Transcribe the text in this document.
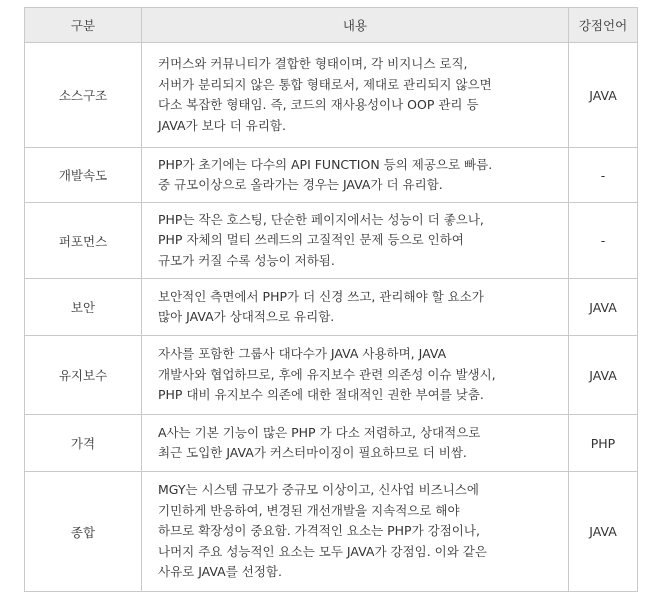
구분	내용	강점언어
소스구조	커머스와 커뮤니티가 결합한 형태이며, 각 비지니스 로직,
서버가 분리되지 않은 통합 형태로서, 제대로 관리되지 않으면
다소 복잡한 형태임. 즉, 코드의 재사용성이나 OOP 관리 등
JAVA가 보다 더 유리함.	JAVA
개발속도	PHP가 초기에는 다수의 API FUNCTION 등의 제공으로 빠름.
중 규모이상으로 올라가는 경우는 JAVA가 더 유리함.	-
퍼포먼스	PHP는 작은 호스팅, 단순한 페이지에서는 성능이 더 좋으나,
PHP 자체의 멀티 쓰레드의 고질적인 문제 등으로 인하여
규모가 커질 수록 성능이 저하됨.	-
보안	보안적인 측면에서 PHP가 더 신경 쓰고, 관리해야 할 요소가
많아 JAVA가 상대적으로 유리함.	JAVA
유지보수	자사를 포함한 그룹사 대다수가 JAVA 사용하며, JAVA
개발사와 협업하므로, 후에 유지보수 관련 의존성 이슈 발생시,
PHP 대비 유지보수 의존에 대한 절대적인 권한 부여를 낮춤.	JAVA
가격	A사는 기본 기능이 많은 PHP 가 다소 저렴하고, 상대적으로
최근 도입한 JAVA가 커스터마이징이 필요하므로 더 비쌈.	PHP
종합	MGY는 시스템 규모가 중규모 이상이고, 신사업 비즈니스에
기민하게 반응하여, 변경된 개선개발을 지속적으로 해야
하므로 확장성이 중요함. 가격적인 요소는 PHP가 강점이나,
나머지 주요 성능적인 요소는 모두 JAVA가 강점임. 이와 같은
사유로 JAVA를 선정함.	JAVA
